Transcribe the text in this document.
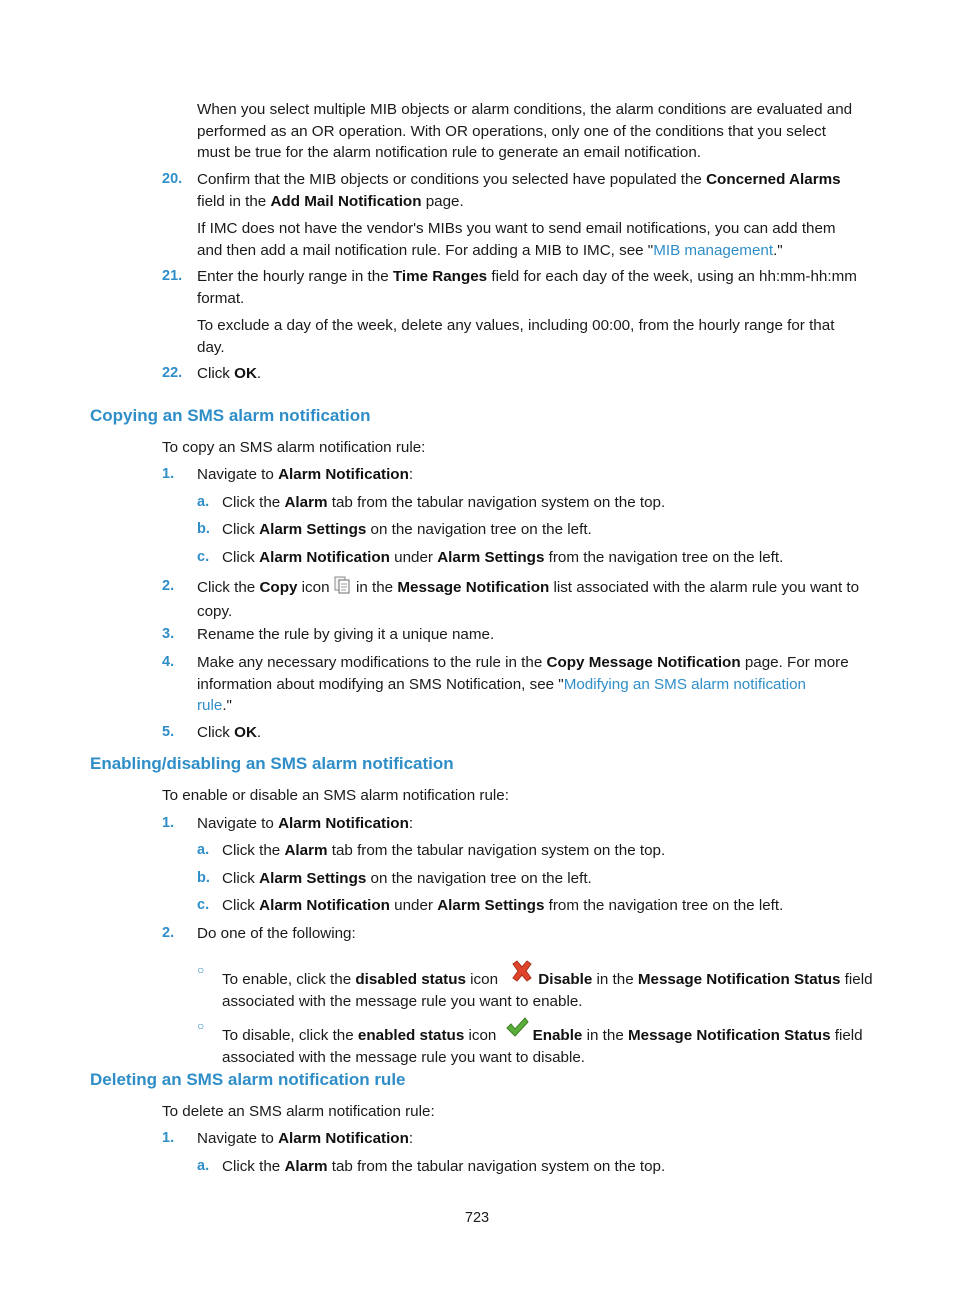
When you select multiple MIB objects or alarm conditions, the alarm conditions are evaluated and
performed as an OR operation. With OR operations, only one of the conditions that you select
must be true for the alarm notification rule to generate an email notification.
20. Confirm that the MIB objects or conditions you selected have populated the Concerned Alarms
field in the Add Mail Notification page.
If IMC does not have the vendor's MIBs you want to send email notifications, you can add them
and then add a mail notification rule. For adding a MIB to IMC, see "MIB management."
21. Enter the hourly range in the Time Ranges field for each day of the week, using an hh:mm-hh:mm
format.
To exclude a day of the week, delete any values, including 00:00, from the hourly range for that
day.
22. Click OK.
Copying an SMS alarm notification
To copy an SMS alarm notification rule:
1. Navigate to Alarm Notification:
a. Click the Alarm tab from the tabular navigation system on the top.
b. Click Alarm Settings on the navigation tree on the left.
c. Click Alarm Notification under Alarm Settings from the navigation tree on the left.
2. Click the Copy icon  in the Message Notification list associated with the alarm rule you want to
copy.
3. Rename the rule by giving it a unique name.
4. Make any necessary modifications to the rule in the Copy Message Notification page. For more
information about modifying an SMS Notification, see "Modifying an SMS alarm notification
rule."
5. Click OK.
Enabling/disabling an SMS alarm notification
To enable or disable an SMS alarm notification rule:
1. Navigate to Alarm Notification:
a. Click the Alarm tab from the tabular navigation system on the top.
b. Click Alarm Settings on the navigation tree on the left.
c. Click Alarm Notification under Alarm Settings from the navigation tree on the left.
2. Do one of the following:
○
To enable, click the disabled status icon Disable in the Message Notification Status field
associated with the message rule you want to enable.
○
To disable, click the enabled status icon Enable in the Message Notification Status field
associated with the message rule you want to disable.
Deleting an SMS alarm notification rule
To delete an SMS alarm notification rule:
1. Navigate to Alarm Notification:
a. Click the Alarm tab from the tabular navigation system on the top.
723
